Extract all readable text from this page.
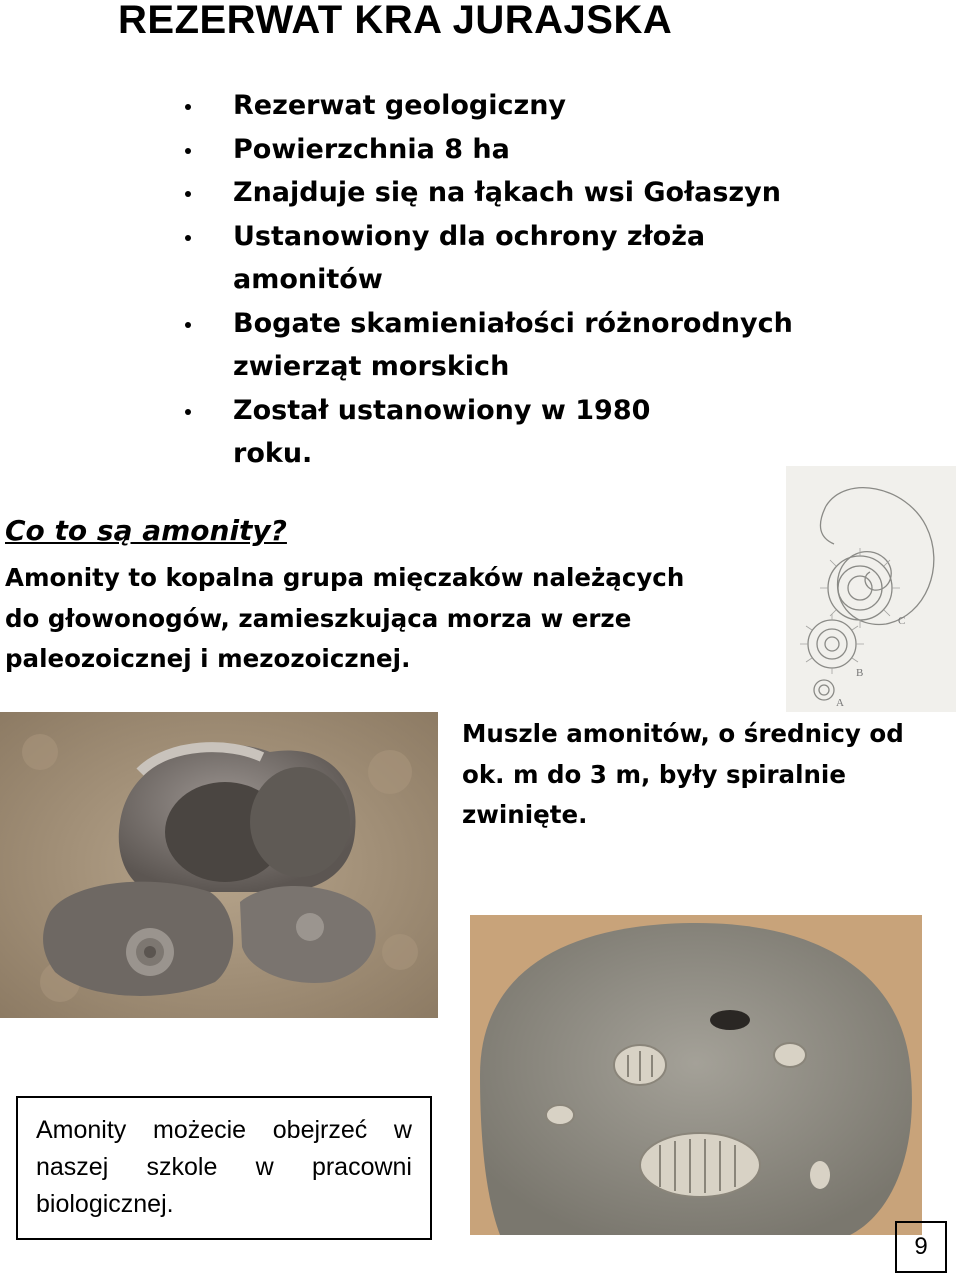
REZERWAT KRA JURAJSKA
Rezerwat geologiczny
Powierzchnia 8 ha
Znajduje się na łąkach wsi Gołaszyn
Ustanowiony dla ochrony złoża amonitów
Bogate skamieniałości różnorodnych zwierząt morskich
Został ustanowiony w 1980 roku.
C
B
A
Co to są amonity?
Amonity to kopalna grupa mięczaków należących do głowonogów, zamieszkująca morza w erze paleozoicznej i mezozoicznej.
Muszle amonitów, o średnicy od ok. m do 3 m, były spiralnie zwinięte.
Amonity możecie obejrzeć w naszej szkole w pracowni biologicznej.
9
